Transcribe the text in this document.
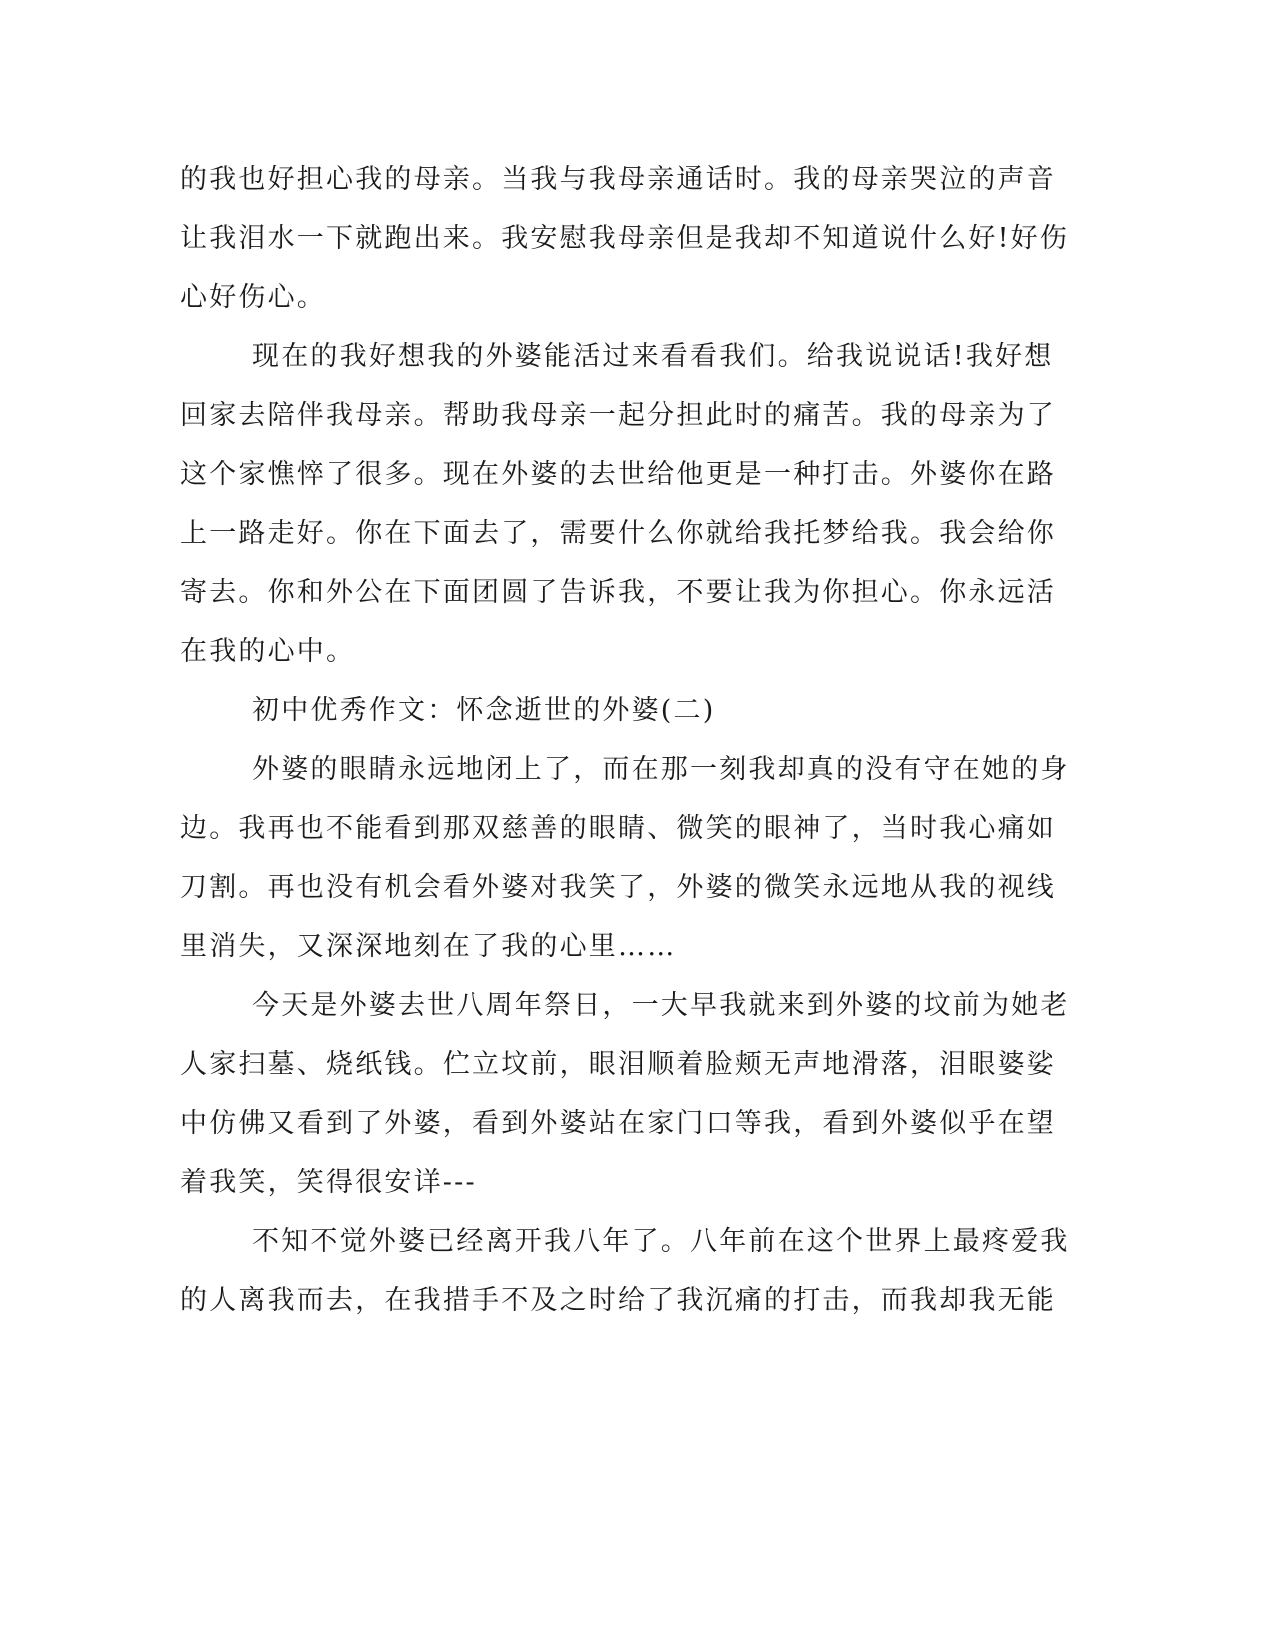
的我也好担心我的母亲。当我与我母亲通话时。我的母亲哭泣的声音
让我泪水一下就跑出来。我安慰我母亲但是我却不知道说什么好!好伤
心好伤心。
现在的我好想我的外婆能活过来看看我们。给我说说话!我好想
回家去陪伴我母亲。帮助我母亲一起分担此时的痛苦。我的母亲为了
这个家憔悴了很多。现在外婆的去世给他更是一种打击。外婆你在路
上一路走好。你在下面去了，需要什么你就给我托梦给我。我会给你
寄去。你和外公在下面团圆了告诉我，不要让我为你担心。你永远活
在我的心中。
初中优秀作文：怀念逝世的外婆(二)
外婆的眼睛永远地闭上了，而在那一刻我却真的没有守在她的身
边。我再也不能看到那双慈善的眼睛、微笑的眼神了，当时我心痛如
刀割。再也没有机会看外婆对我笑了，外婆的微笑永远地从我的视线
里消失，又深深地刻在了我的心里……
今天是外婆去世八周年祭日，一大早我就来到外婆的坟前为她老
人家扫墓、烧纸钱。伫立坟前，眼泪顺着脸颊无声地滑落，泪眼婆娑
中仿佛又看到了外婆，看到外婆站在家门口等我，看到外婆似乎在望
着我笑，笑得很安详---
不知不觉外婆已经离开我八年了。八年前在这个世界上最疼爱我
的人离我而去，在我措手不及之时给了我沉痛的打击，而我却我无能
